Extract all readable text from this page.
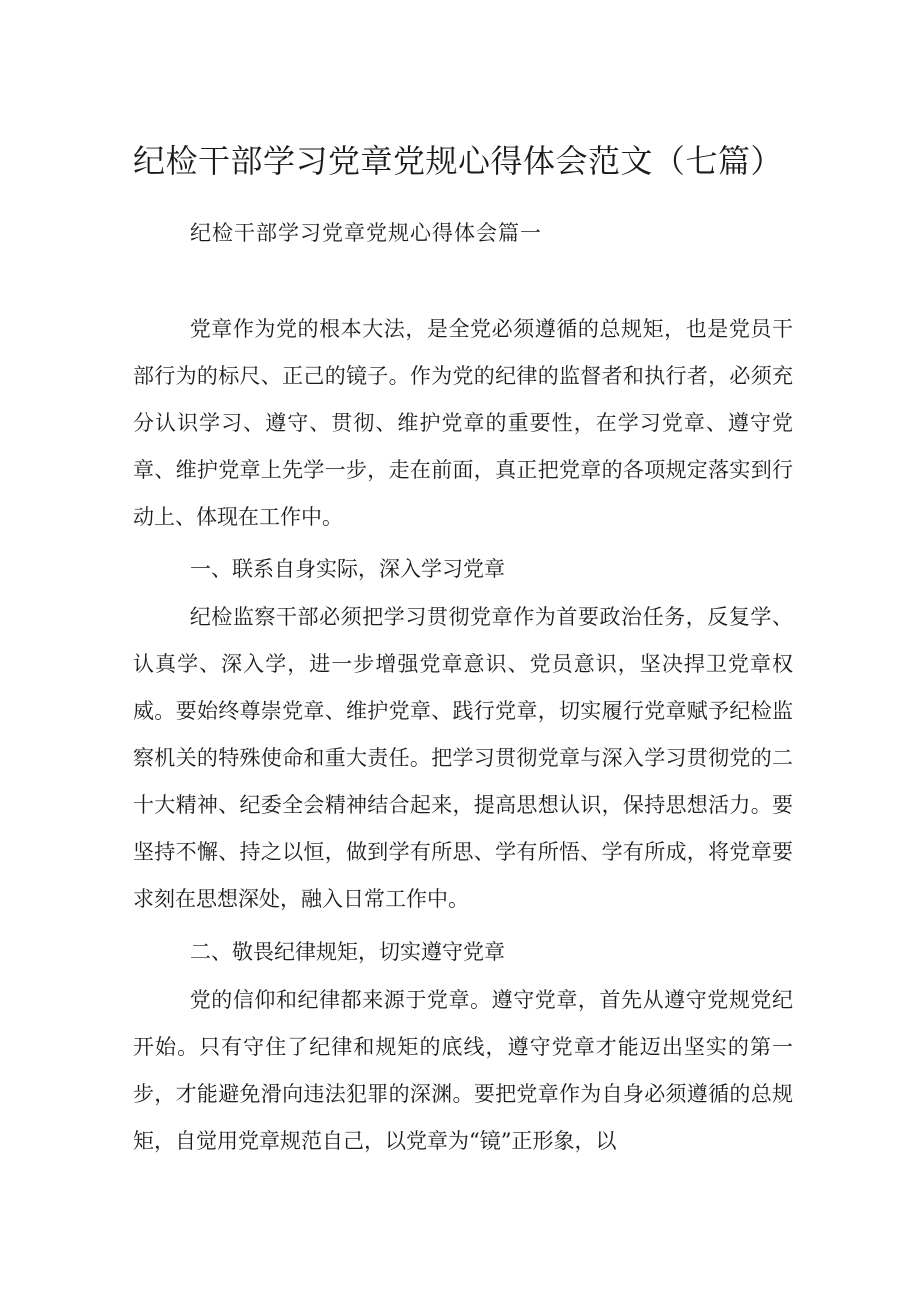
纪检干部学习党章党规心得体会范文（七篇）
纪检干部学习党章党规心得体会篇一

党章作为党的根本大法，是全党必须遵循的总规矩，也是党员干部行为的标尺、正己的镜子。作为党的纪律的监督者和执行者，必须充分认识学习、遵守、贯彻、维护党章的重要性，在学习党章、遵守党章、维护党章上先学一步，走在前面，真正把党章的各项规定落实到行动上、体现在工作中。

一、联系自身实际，深入学习党章

纪检监察干部必须把学习贯彻党章作为首要政治任务，反复学、认真学、深入学，进一步增强党章意识、党员意识，坚决捍卫党章权威。要始终尊崇党章、维护党章、践行党章，切实履行党章赋予纪检监察机关的特殊使命和重大责任。把学习贯彻党章与深入学习贯彻党的二十大精神、纪委全会精神结合起来，提高思想认识，保持思想活力。要坚持不懈、持之以恒，做到学有所思、学有所悟、学有所成，将党章要求刻在思想深处，融入日常工作中。

二、敬畏纪律规矩，切实遵守党章

党的信仰和纪律都来源于党章。遵守党章，首先从遵守党规党纪开始。只有守住了纪律和规矩的底线，遵守党章才能迈出坚实的第一步，才能避免滑向违法犯罪的深渊。要把党章作为自身必须遵循的总规矩，自觉用党章规范自己，以党章为“镜”正形象，以
